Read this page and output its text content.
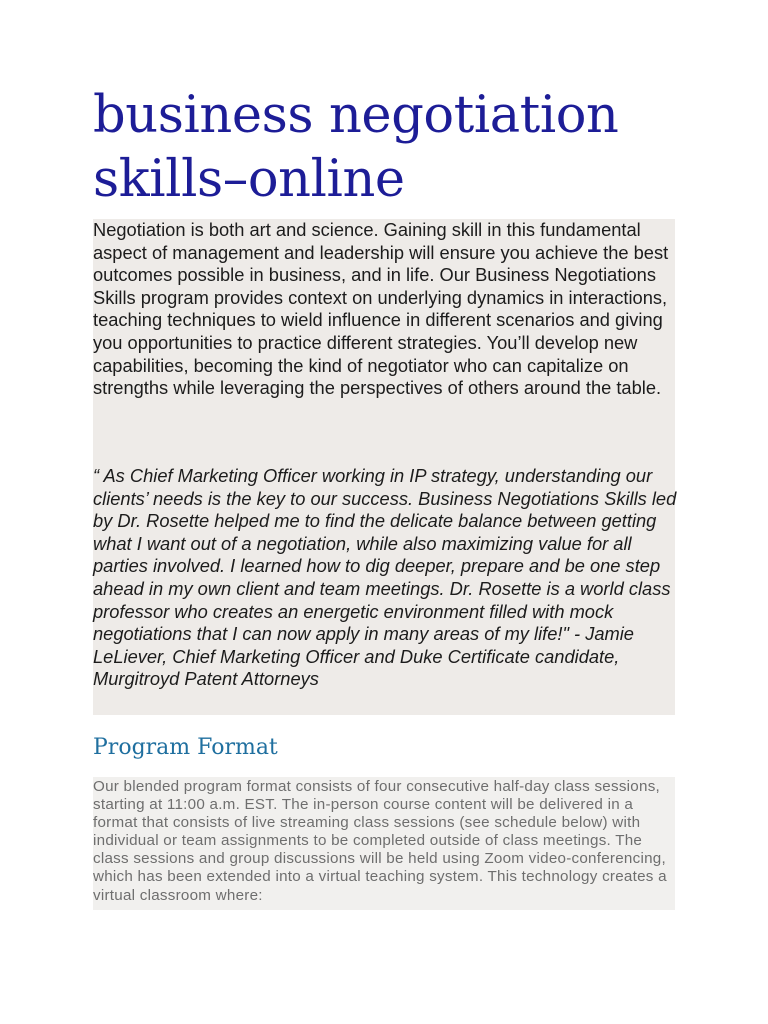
business negotiation skills–online

Negotiation is both art and science. Gaining skill in this fundamental aspect of management and leadership will ensure you achieve the best outcomes possible in business, and in life. Our Business Negotiations Skills program provides context on underlying dynamics in interactions, teaching techniques to wield influence in different scenarios and giving you opportunities to practice different strategies. You’ll develop new capabilities, becoming the kind of negotiator who can capitalize on strengths while leveraging the perspectives of others around the table.

“ As Chief Marketing Officer working in IP strategy, understanding our clients’ needs is the key to our success. Business Negotiations Skills led by Dr. Rosette helped me to find the delicate balance between getting what I want out of a negotiation, while also maximizing value for all parties involved. I learned how to dig deeper, prepare and be one step ahead in my own client and team meetings. Dr. Rosette is a world class professor who creates an energetic environment filled with mock negotiations that I can now apply in many areas of my life!" - Jamie LeLiever, Chief Marketing Officer and Duke Certificate candidate, Murgitroyd Patent Attorneys

Program Format

Our blended program format consists of four consecutive half-day class sessions, starting at 11:00 a.m. EST. The in-person course content will be delivered in a format that consists of live streaming class sessions (see schedule below) with individual or team assignments to be completed outside of class meetings. The class sessions and group discussions will be held using Zoom video-conferencing, which has been extended into a virtual teaching system. This technology creates a virtual classroom where:
